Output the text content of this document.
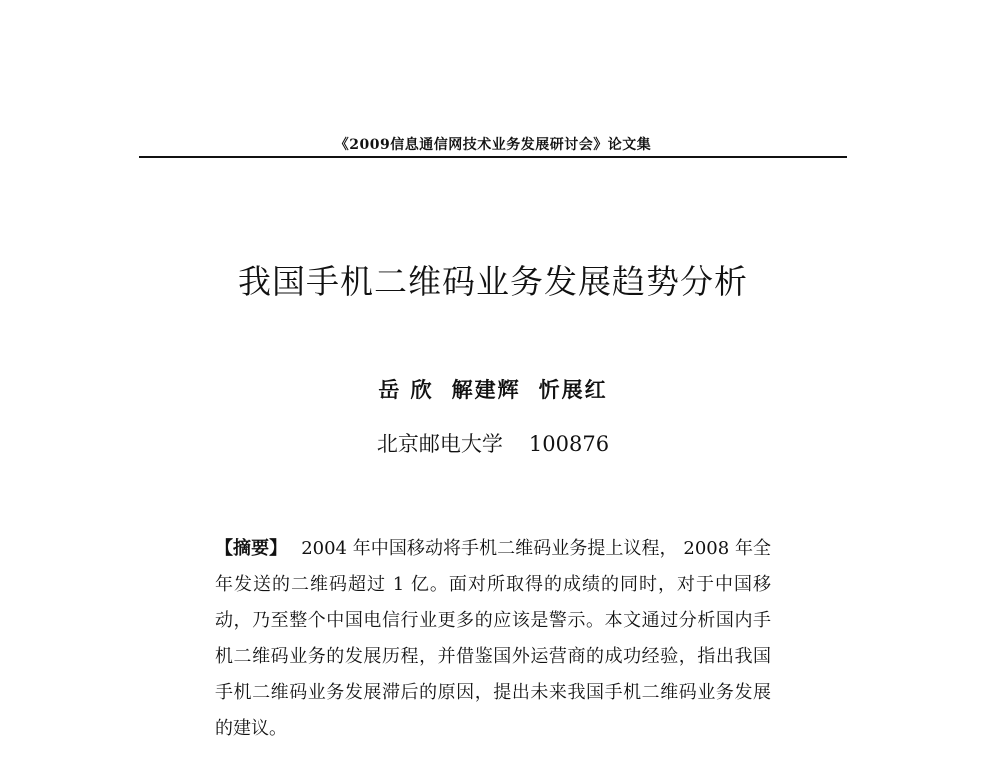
《2009信息通信网技术业务发展研讨会》论文集
我国手机二维码业务发展趋势分析
岳 欣 解建辉 忻展红
北京邮电大学 100876
【摘要】 2004 年中国移动将手机二维码业务提上议程， 2008 年全年发送的二维码超过 1 亿。面对所取得的成绩的同时，对于中国移动，乃至整个中国电信行业更多的应该是警示。本文通过分析国内手机二维码业务的发展历程，并借鉴国外运营商的成功经验，指出我国手机二维码业务发展滞后的原因，提出未来我国手机二维码业务发展的建议。
